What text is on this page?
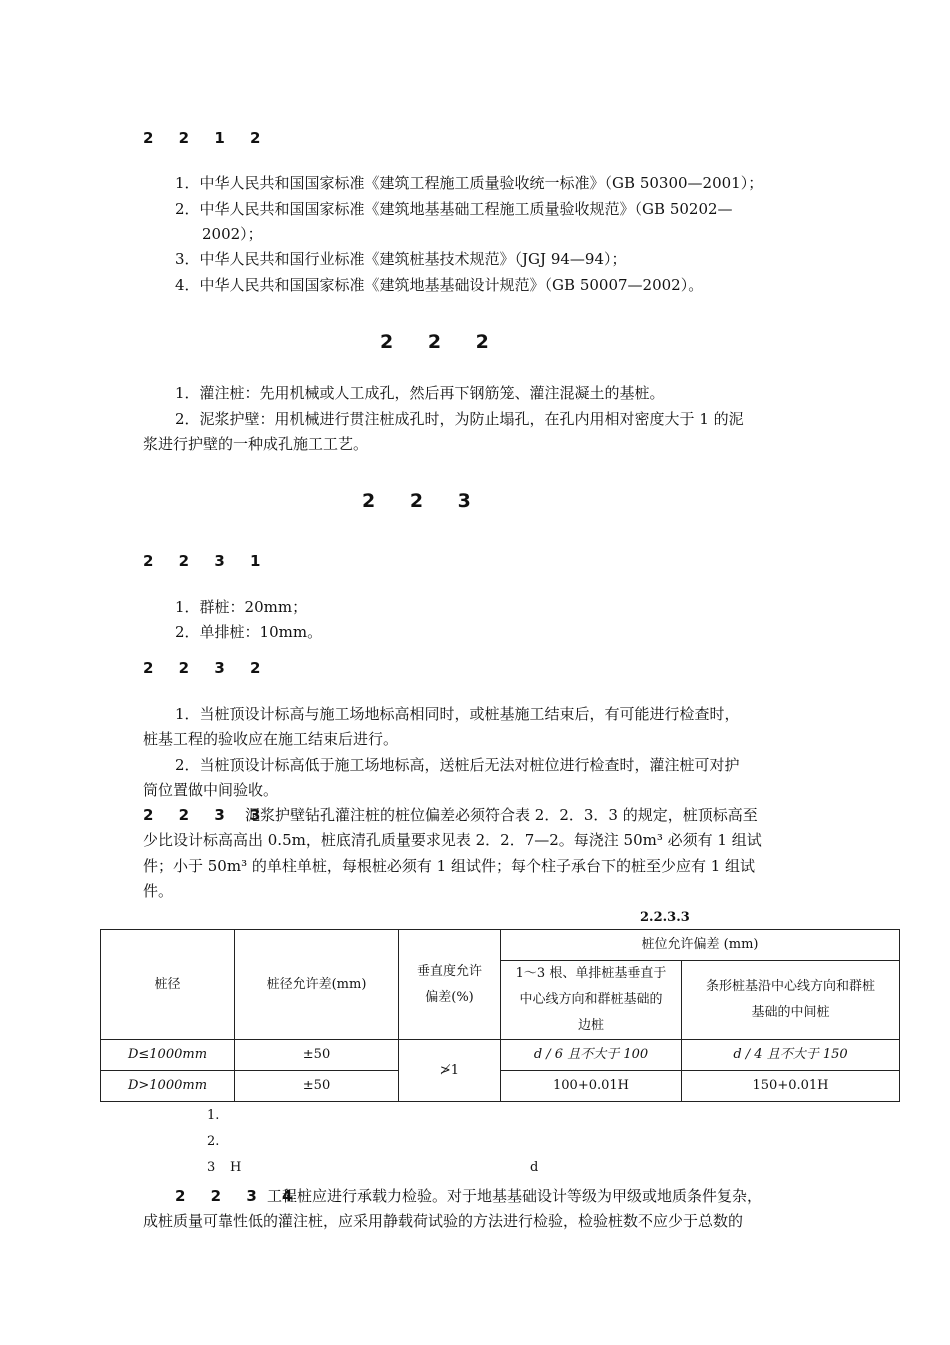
2 2 1 2
1．中华人民共和国国家标准《建筑工程施工质量验收统一标准》（GB 50300—2001）；
2．中华人民共和国国家标准《建筑地基基础工程施工质量验收规范》（GB 50202—
2002）；
3．中华人民共和国行业标准《建筑桩基技术规范》（JGJ 94—94）；
4．中华人民共和国国家标准《建筑地基基础设计规范》（GB 50007—2002）。
2 2 2
1．灌注桩：先用机械或人工成孔，然后再下钢筋笼、灌注混凝土的基桩。
2．泥浆护壁：用机械进行贯注桩成孔时，为防止塌孔，在孔内用相对密度大于 1 的泥
浆进行护壁的一种成孔施工工艺。
2 2 3
2 2 3 1
1．群桩：20mm；
2．单排桩：10mm。
2 2 3 2
1．当桩顶设计标高与施工场地标高相同时，或桩基施工结束后，有可能进行检查时，
桩基工程的验收应在施工结束后进行。
2．当桩顶设计标高低于施工场地标高，送桩后无法对桩位进行检查时，灌注桩可对护
筒位置做中间验收。
2 2 3 3
泥浆护壁钻孔灌注桩的桩位偏差必须符合表 2．2．3．3 的规定，桩顶标高至
少比设计标高高出 0.5m，桩底清孔质量要求见表 2．2．7—2。每浇注 50m³ 必须有 1 组试
件；小于 50m³ 的单柱单桩，每根桩必须有 1 组试件；每个柱子承台下的桩至少应有 1 组试
件。
2.2.3.3
桩径	桩径允许差(mm)	垂直度允许偏差(%)	桩位允许偏差 (mm)	
			1～3 根、单排桩基垂直于中心线方向和群桩基础的边桩	条形桩基沿中心线方向和群桩基础的中间桩
D≤1000mm	±50	≯1	d / 6 且不大于 100	d / 4 且不大于 150
D>1000mm	±50		100+0.01H	150+0.01H
1.
2.
3 H	d
2 2 3 4
工程桩应进行承载力检验。对于地基基础设计等级为甲级或地质条件复杂，
成桩质量可靠性低的灌注桩，应采用静载荷试验的方法进行检验，检验桩数不应少于总数的
